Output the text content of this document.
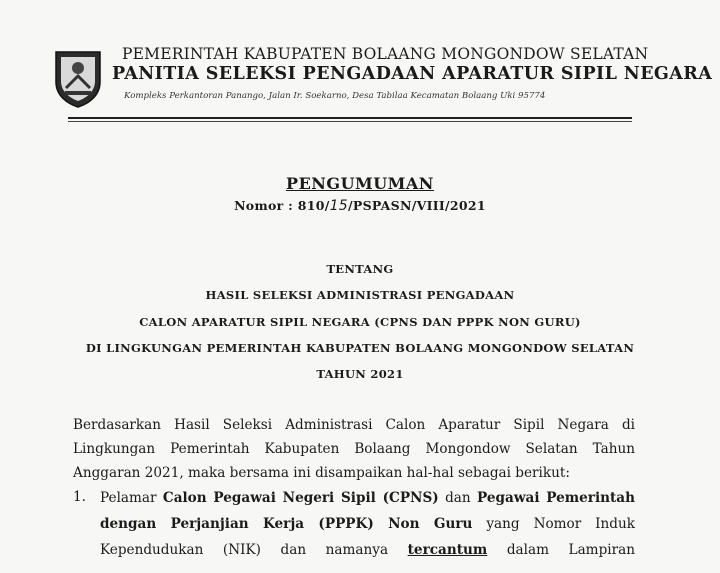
PEMERINTAH KABUPATEN BOLAANG MONGONDOW SELATAN
PANITIA SELEKSI PENGADAAN APARATUR SIPIL NEGARA
Kompleks Perkantoran Panango, Jalan Ir. Soekarno, Desa Tabilaa Kecamatan Bolaang Uki 95774
PENGUMUMAN
Nomor : 810/15/PSPASN/VIII/2021
TENTANG
HASIL SELEKSI ADMINISTRASI PENGADAAN
CALON APARATUR SIPIL NEGARA (CPNS DAN PPPK NON GURU)
DI LINGKUNGAN PEMERINTAH KABUPATEN BOLAANG MONGONDOW SELATAN
TAHUN 2021
Berdasarkan Hasil Seleksi Administrasi Calon Aparatur Sipil Negara di
Lingkungan Pemerintah Kabupaten Bolaang Mongondow Selatan Tahun
Anggaran 2021, maka bersama ini disampaikan hal-hal sebagai berikut:
1. Pelamar Calon Pegawai Negeri Sipil (CPNS) dan Pegawai Pemerintah
dengan Perjanjian Kerja (PPPK) Non Guru yang Nomor Induk
Kependudukan (NIK) dan namanya tercantum dalam Lampiran
